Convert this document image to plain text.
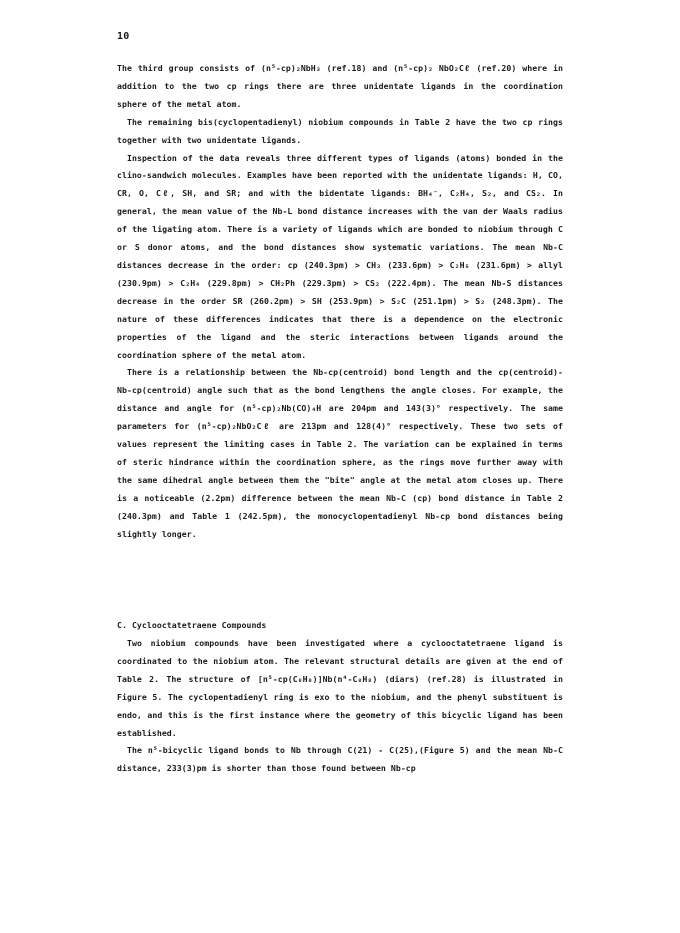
10

The third group consists of (n⁵-cp)₂NbH₃ (ref.18) and (n⁵-cp)₂ NbO₂Cℓ (ref.20) where in addition to the two cp rings there are three unidentate ligands in the coordination sphere of the metal atom.

The remaining bis(cyclopentadienyl) niobium compounds in Table 2 have the two cp rings together with two unidentate ligands.

Inspection of the data reveals three different types of ligands (atoms) bonded in the clino-sandwich molecules. Examples have been reported with the unidentate ligands: H, CO, CR, O, Cℓ, SH, and SR; and with the bidentate ligands: BH₄⁻, C₂H₄, S₂, and CS₂. In general, the mean value of the Nb-L bond distance increases with the van der Waals radius of the ligating atom. There is a variety of ligands which are bonded to niobium through C or S donor atoms, and the bond distances show systematic variations. The mean Nb-C distances decrease in the order: cp (240.3pm) > CH₃ (233.6pm) > C₂H₅ (231.6pm) > allyl (230.9pm) > C₂H₄ (229.8pm) > CH₂Ph (229.3pm) > CS₂ (222.4pm). The mean Nb-S distances decrease in the order SR (260.2pm) > SH (253.9pm) > S₂C (251.1pm) > S₂ (248.3pm). The nature of these differences indicates that there is a dependence on the electronic properties of the ligand and the steric interactions between ligands around the coordination sphere of the metal atom.

There is a relationship between the Nb-cp(centroid) bond length and the cp(centroid)-Nb-cp(centroid) angle such that as the bond lengthens the angle closes. For example, the distance and angle for (n⁵-cp)₂Nb(CO)₄H are 204pm and 143(3)° respectively. The same parameters for (n⁵-cp)₂NbO₂Cℓ are 213pm and 128(4)° respectively. These two sets of values represent the limiting cases in Table 2. The variation can be explained in terms of steric hindrance within the coordination sphere, as the rings move further away with the same dihedral angle between them the "bite" angle at the metal atom closes up. There is a noticeable (2.2pm) difference between the mean Nb-C (cp) bond distance in Table 2 (240.3pm) and Table 1 (242.5pm), the monocyclopentadienyl Nb-cp bond distances being slightly longer.

C. Cyclooctatetraene Compounds

Two niobium compounds have been investigated where a cyclooctatetraene ligand is coordinated to the niobium atom. The relevant structural details are given at the end of Table 2. The structure of [n⁵-cp(C₈H₈)]Nb(n⁴-C₈H₈) (diars) (ref.28) is illustrated in Figure 5. The cyclopentadienyl ring is exo to the niobium, and the phenyl substituent is endo, and this is the first instance where the geometry of this bicyclic ligand has been established.

The n⁵-bicyclic ligand bonds to Nb through C(21) - C(25),(Figure 5) and the mean Nb-C distance, 233(3)pm is shorter than those found between Nb-cp
